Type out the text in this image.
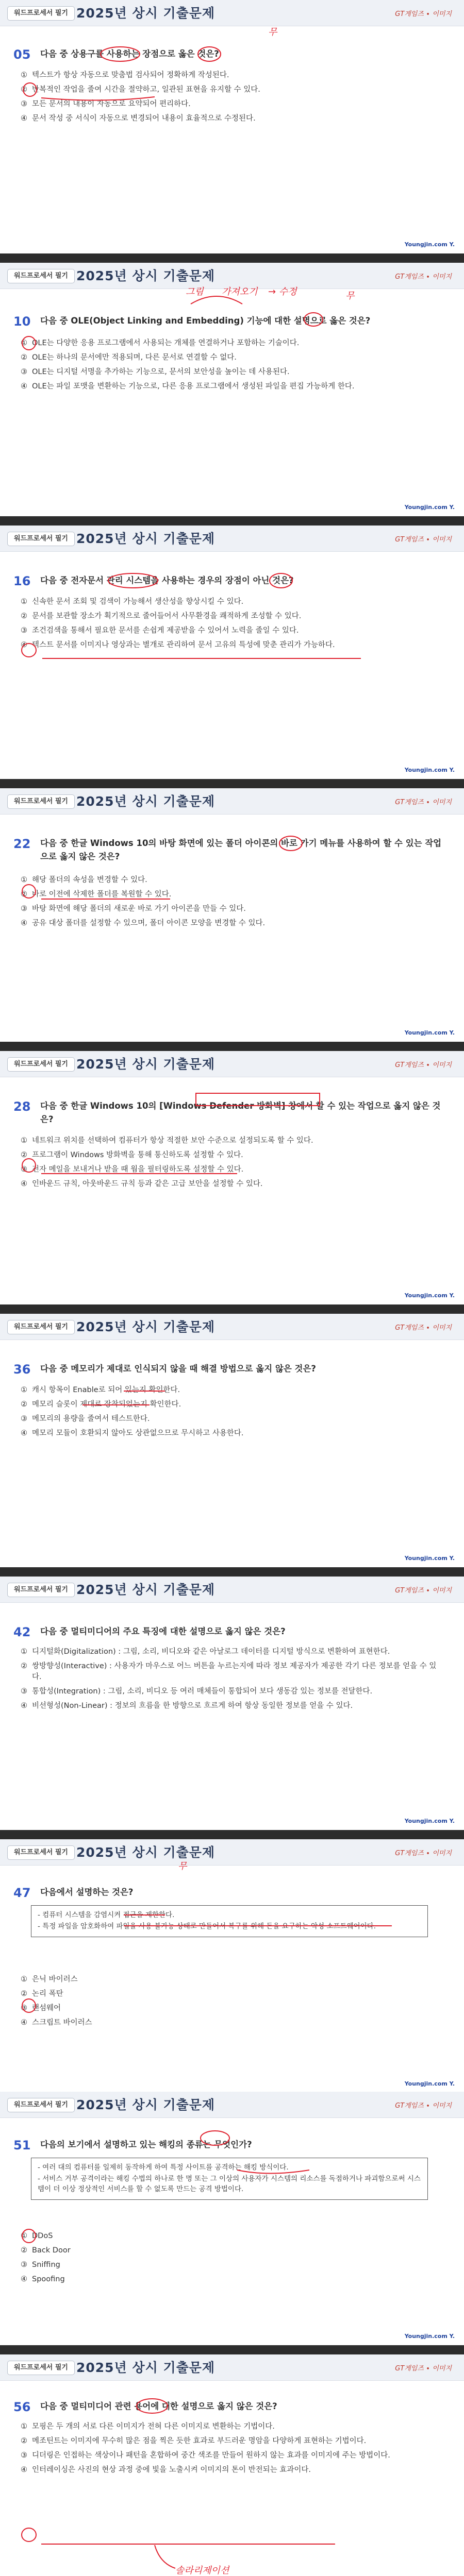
워드프로세서 필기 2025년 상시 기출문제	GT게임즈 ∙ 이미지
05 다음 중 상용구를 사용하는 장점으로 옳은 것은?
① 텍스트가 항상 자동으로 맞춤법 검사되어 정확하게 작성된다.
② 반복적인 작업을 줄여 시간을 절약하고, 일관된 표현을 유지할 수 있다.
③ 모든 문서의 내용이 자동으로 요약되어 편리하다.
④ 문서 작성 중 서식이 자동으로 변경되어 내용이 효율적으로 수정된다.
Youngjin.com Y.
워드프로세서 필기 2025년 상시 기출문제	GT게임즈 ∙ 이미지
10 다음 중 OLE(Object Linking and Embedding) 기능에 대한 설명으로 옳은 것은?
① OLE는 다양한 응용 프로그램에서 사용되는 개체를 연결하거나 포함하는 기술이다.
② OLE는 하나의 문서에만 적용되며, 다른 문서로 연결할 수 없다.
③ OLE는 디지털 서명을 추가하는 기능으로, 문서의 보안성을 높이는 데 사용된다.
④ OLE는 파일 포맷을 변환하는 기능으로, 다른 응용 프로그램에서 생성된 파일을 편집 가능하게 한다.
Youngjin.com Y.
워드프로세서 필기 2025년 상시 기출문제	GT게임즈 ∙ 이미지
16 다음 중 전자문서 관리 시스템을 사용하는 경우의 장점이 아닌 것은?
① 신속한 문서 조회 및 검색이 가능해서 생산성을 향상시킬 수 있다.
② 문서를 보관할 장소가 획기적으로 줄어들어서 사무환경을 쾌적하게 조성할 수 있다.
③ 조건검색을 통해서 필요한 문서를 손쉽게 제공받을 수 있어서 노력을 줄일 수 있다.
④ 텍스트 문서를 이미지나 영상과는 별개로 관리하여 문서 고유의 특성에 맞춘 관리가 가능하다.
Youngjin.com Y.
워드프로세서 필기 2025년 상시 기출문제	GT게임즈 ∙ 이미지
22 다음 중 한글 Windows 10의 바탕 화면에 있는 폴더 아이콘의 바로 가기 메뉴를 사용하여 할 수 있는 작업으로 옳지 않은 것은?
① 해당 폴더의 속성을 변경할 수 있다.
② 바로 이전에 삭제한 폴더를 복원할 수 있다.
③ 바탕 화면에 해당 폴더의 새로운 바로 가기 아이콘을 만들 수 있다.
④ 공유 대상 폴더를 설정할 수 있으며, 폴더 아이콘 모양을 변경할 수 있다.
Youngjin.com Y.
워드프로세서 필기 2025년 상시 기출문제	GT게임즈 ∙ 이미지
28 다음 중 한글 Windows 10의 [Windows Defender 방화벽] 창에서 할 수 있는 작업으로 옳지 않은 것은?
① 네트워크 위치를 선택하여 컴퓨터가 항상 적절한 보안 수준으로 설정되도록 할 수 있다.
② 프로그램이 Windows 방화벽을 통해 통신하도록 설정할 수 있다.
③ 전자 메일을 보내거나 받을 때 웜을 필터링하도록 설정할 수 있다.
④ 인바운드 규칙, 아웃바운드 규칙 등과 같은 고급 보안을 설정할 수 있다.
Youngjin.com Y.
워드프로세서 필기 2025년 상시 기출문제	GT게임즈 ∙ 이미지
36 다음 중 메모리가 제대로 인식되지 않을 때 해결 방법으로 옳지 않은 것은?
① 캐시 항목이 Enable로 되어 있는지 확인한다.
② 메모리 슬롯이 제대로 장착되었는지 확인한다.
③ 메모리의 용량을 줄여서 테스트한다.
④ 메모리 모듈이 호환되지 않아도 상관없으므로 무시하고 사용한다.
Youngjin.com Y.
워드프로세서 필기 2025년 상시 기출문제	GT게임즈 ∙ 이미지
42 다음 중 멀티미디어의 주요 특징에 대한 설명으로 옳지 않은 것은?
① 디지털화(Digitalization) : 그림, 소리, 비디오와 같은 아날로그 데이터를 디지털 방식으로 변환하여 표현한다.
② 쌍방향성(Interactive) : 사용자가 마우스로 어느 버튼을 누르는지에 따라 정보 제공자가 제공한 각기 다른 정보를 얻을 수 있다.
③ 통합성(Integration) : 그림, 소리, 비디오 등 여러 매체들이 통합되어 보다 생동감 있는 정보를 전달한다.
④ 비선형성(Non-Linear) : 정보의 흐름을 한 방향으로 흐르게 하여 항상 동일한 정보를 얻을 수 있다.
Youngjin.com Y.
워드프로세서 필기 2025년 상시 기출문제	GT게임즈 ∙ 이미지
47 다음에서 설명하는 것은?
- 컴퓨터 시스템을 감염시켜 접근을 제한한다.
- 특정 파일을 암호화하여 파일을 사용 불가능 상태로 만들어서 복구를 위해 돈을 요구하는 악성 소프트웨어이다.
① 은닉 바이러스
② 논리 폭탄
③ 랜섬웨어
④ 스크립트 바이러스
Youngjin.com Y.
워드프로세서 필기 2025년 상시 기출문제	GT게임즈 ∙ 이미지
51 다음의 보기에서 설명하고 있는 해킹의 종류는 무엇인가?
- 여러 대의 컴퓨터를 일제히 동작하게 하여 특정 사이트를 공격하는 해킹 방식이다.
- 서비스 거부 공격이라는 해킹 수법의 하나로 한 명 또는 그 이상의 사용자가 시스템의 리소스를 독점하거나 파괴함으로써 시스템이 더 이상 정상적인 서비스를 할 수 없도록 만드는 공격 방법이다.
① DDoS
② Back Door
③ Sniffing
④ Spoofing
Youngjin.com Y.
워드프로세서 필기 2025년 상시 기출문제	GT게임즈 ∙ 이미지
56 다음 중 멀티미디어 관련 용어에 대한 설명으로 옳지 않은 것은?
① 모핑은 두 개의 서로 다른 이미지가 전혀 다른 이미지로 변환하는 기법이다.
② 메조틴트는 이미지에 무수히 많은 점을 찍은 듯한 효과로 부드러운 명암을 다양하게 표현하는 기법이다.
③ 디더링은 인접하는 색상이나 패턴을 혼합하여 중간 색조를 만들어 원하지 않는 효과를 이미지에 주는 방법이다.
④ 인터레이싱은 사진의 현상 과정 중에 빛을 노출시켜 이미지의 톤이 반전되는 효과이다.
무
그림 가져오기 → 수정	무
무
솔라리제이션
